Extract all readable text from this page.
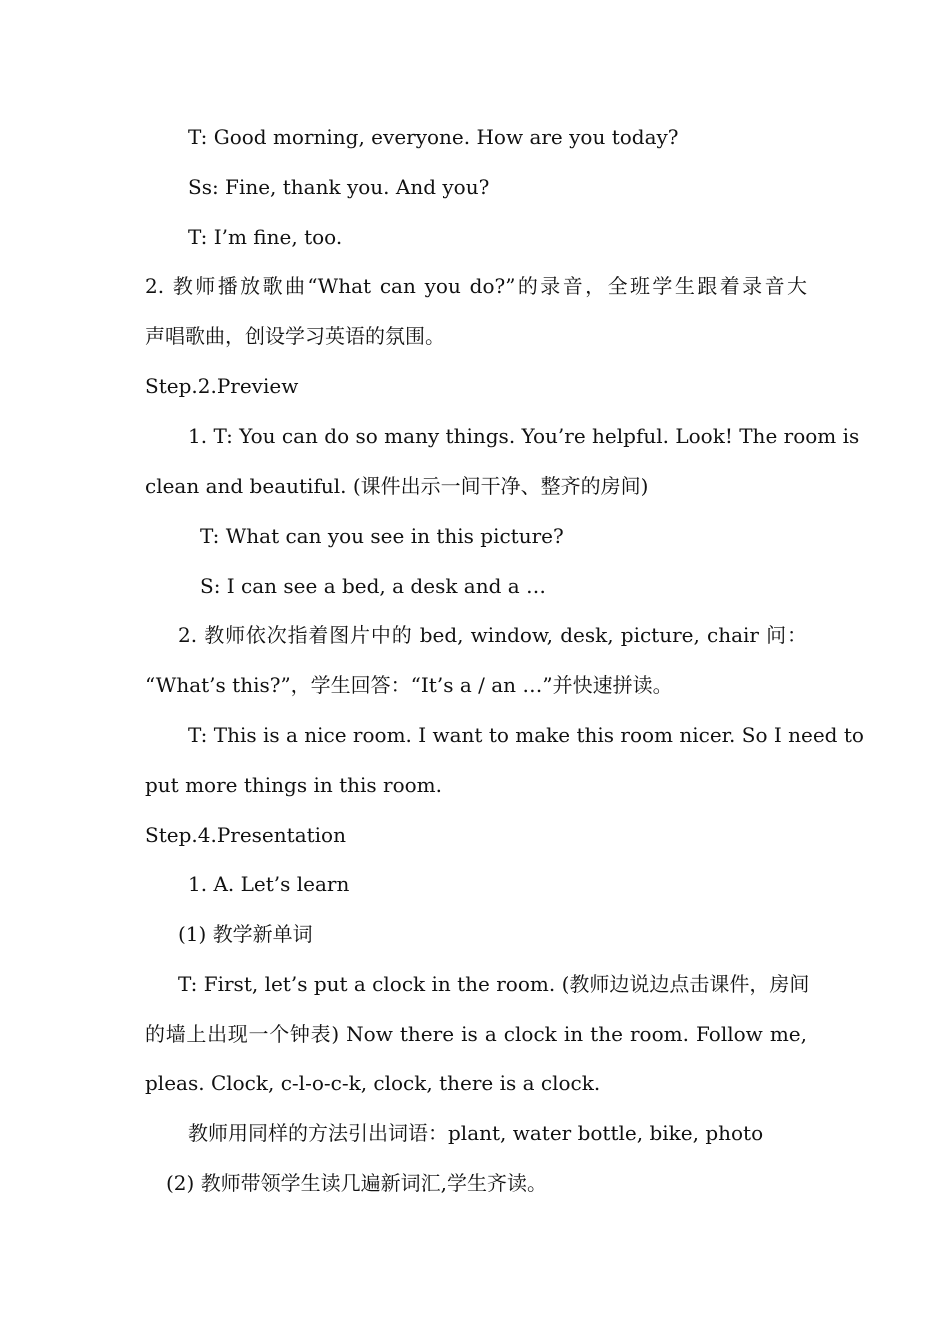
T: Good morning, everyone. How are you today?
Ss: Fine, thank you. And you?
T: I’m fine, too.
2. 教师播放歌曲“What can you do?”的录音，全班学生跟着录音大
声唱歌曲，创设学习英语的氛围。
Step.2.Preview
1. T: You can do so many things. You’re helpful. Look! The room is
clean and beautiful. (课件出示一间干净、整齐的房间)
T: What can you see in this picture?
S: I can see a bed, a desk and a …
2. 教师依次指着图片中的 bed, window, desk, picture, chair 问：
“What’s this?”，学生回答：“It’s a / an …”并快速拼读。
T: This is a nice room. I want to make this room nicer. So I need to
put more things in this room.
Step.4.Presentation
1. A. Let’s learn
(1) 教学新单词
T: First, let’s put a clock in the room. (教师边说边点击课件，房间
的墙上出现一个钟表) Now there is a clock in the room. Follow me,
pleas. Clock, c-l-o-c-k, clock, there is a clock.
教师用同样的方法引出词语：plant, water bottle, bike, photo
(2) 教师带领学生读几遍新词汇,学生齐读。
